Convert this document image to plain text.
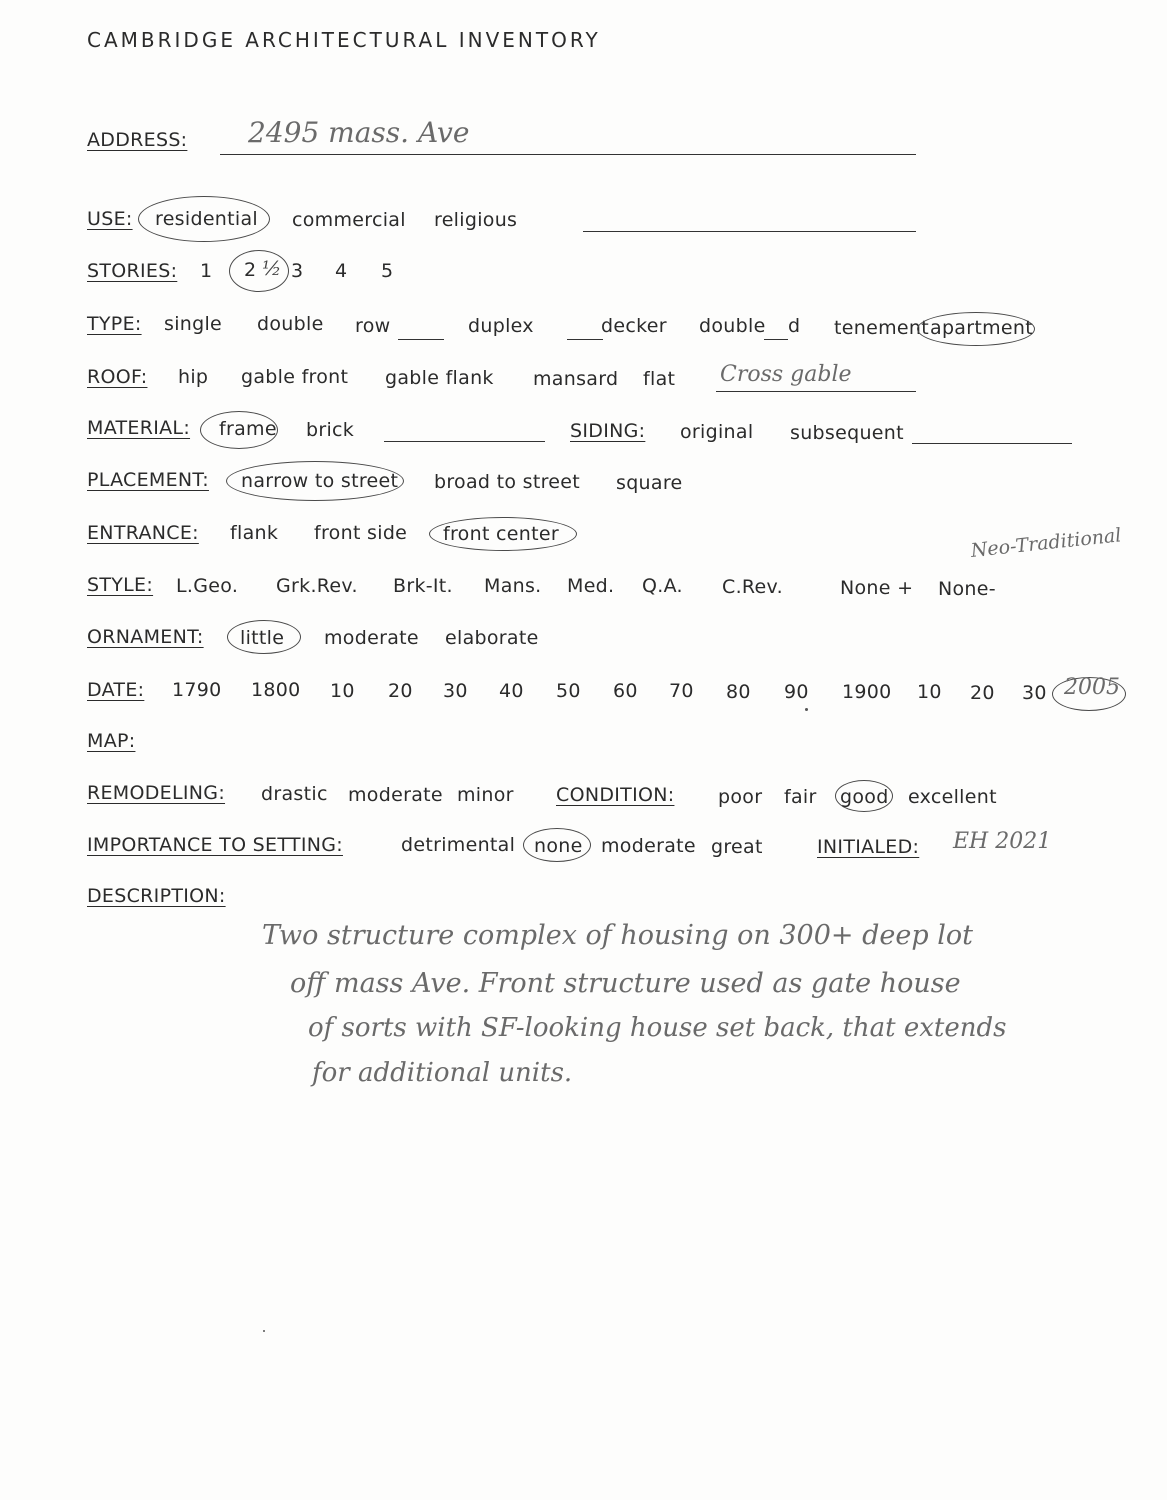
CAMBRIDGE ARCHITECTURAL INVENTORY
ADDRESS: 2495 mass. Ave
USE: residential commercial religious
STORIES: 1 2 ½ 3 4 5
TYPE: single double row	duplex	decker double d tenement apartment
ROOF: hip gable front gable flank mansard flat Cross gable
MATERIAL: frame brick	SIDING: original subsequent
PLACEMENT: narrow to street broad to street square
ENTRANCE: flank front side front center	Neo-Traditional
STYLE: L.Geo. Grk.Rev. Brk-It. Mans. Med. Q.A. C.Rev.	None + None-
ORNAMENT: little moderate elaborate
DATE: 1790 1800 10 20 30 40 50 60 70 80 90 1900 10 20 30 2005
MAP:
REMODELING: drastic moderate minor CONDITION: poor fair good excellent
IMPORTANCE TO SETTING:	detrimental none moderate great	INITIALED: EH 2021
DESCRIPTION:
Two structure complex of housing on 300+ deep lot
off mass Ave. Front structure used as gate house
of sorts with SF-looking house set back, that extends
for additional units.
